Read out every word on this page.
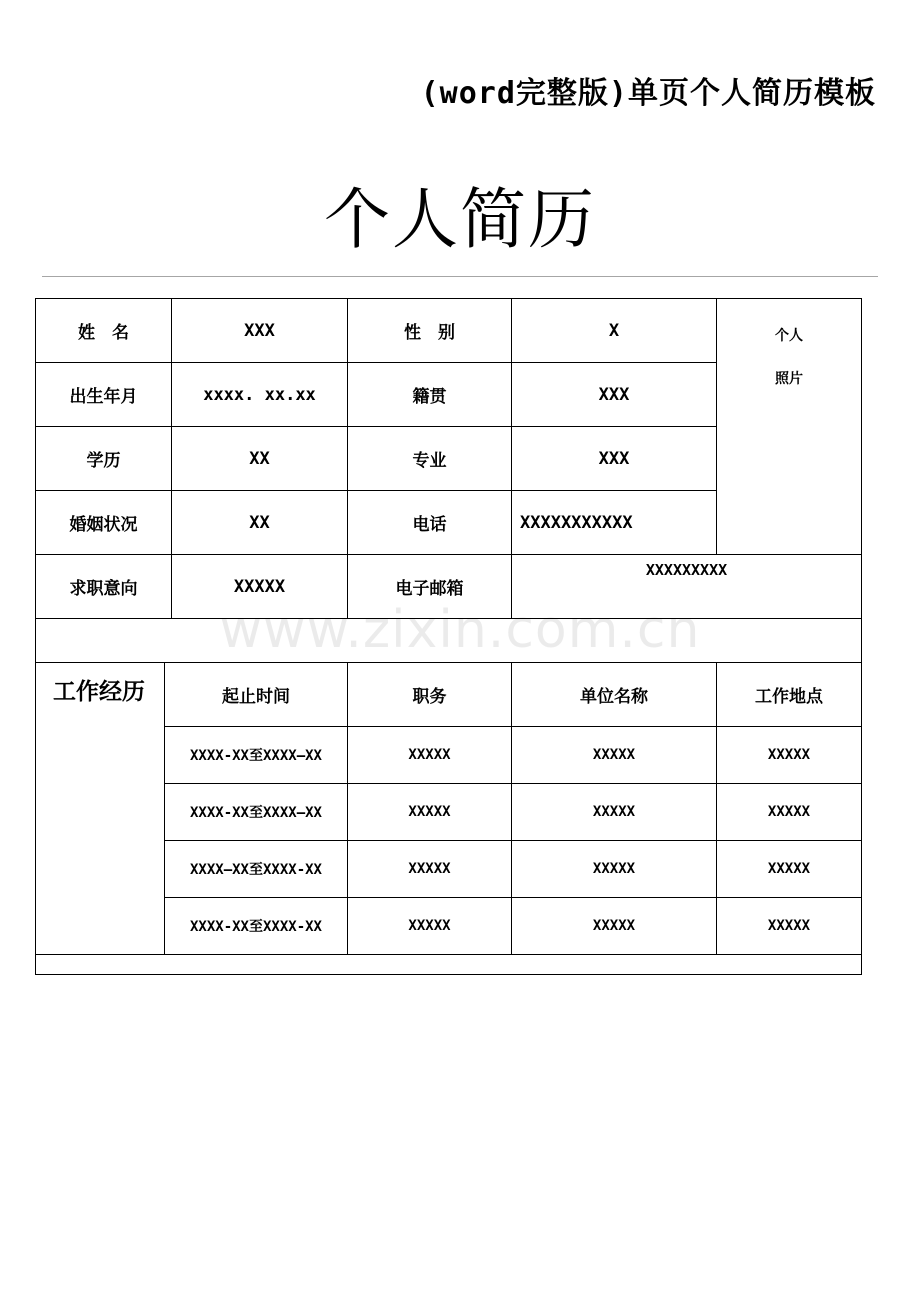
(word完整版)单页个人简历模板
个人简历
姓　名		XXX	性　别	X	个人
照片

出生年月		xxxx. xx.xx	籍贯	XXX	
学历		XX	专业	XXX	
婚姻状况		XX	电话	XXXXXXXXXXX	
求职意向		XXXXX	电子邮箱	XXXXXXXXX	

工作经历	起止时间		职务	单位名称	工作地点
	XXXX-XX至XXXX—XX		XXXXX	XXXXX	XXXXX
	XXXX-XX至XXXX—XX		XXXXX	XXXXX	XXXXX
	XXXX—XX至XXXX-XX		XXXXX	XXXXX	XXXXX
	XXXX-XX至XXXX-XX		XXXXX	XXXXX	XXXXX

www.zixin.com.cn
